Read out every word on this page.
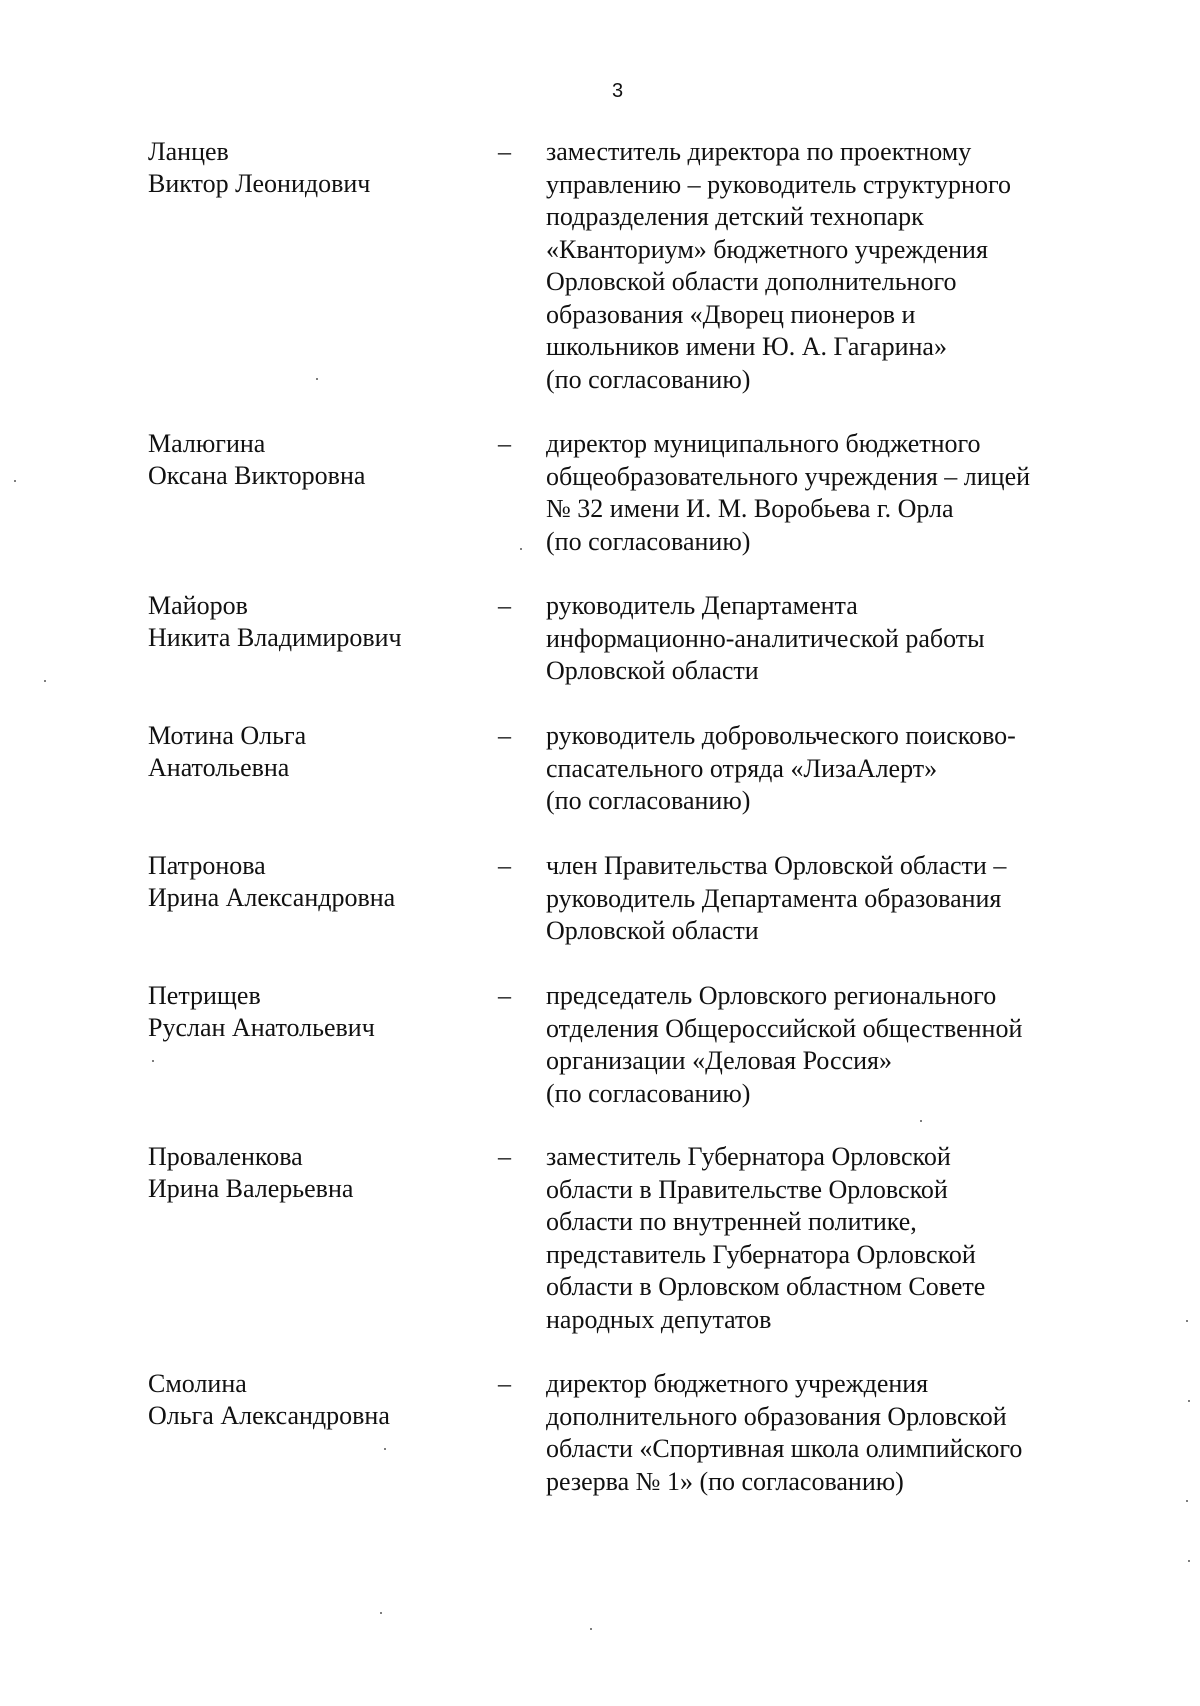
3
Ланцев
Виктор Леонидович
– заместитель директора по проектному
управлению – руководитель структурного
подразделения детский технопарк
«Кванториум» бюджетного учреждения
Орловской области дополнительного
образования «Дворец пионеров и
школьников имени Ю. А. Гагарина»
(по согласованию)
Малюгина
Оксана Викторовна
– директор муниципального бюджетного
общеобразовательного учреждения – лицей
№ 32 имени И. М. Воробьева г. Орла
(по согласованию)
Майоров
Никита Владимирович
– руководитель Департамента
информационно-аналитической работы
Орловской области
Мотина Ольга
Анатольевна
– руководитель добровольческого поисково-
спасательного отряда «ЛизаАлерт»
(по согласованию)
Патронова
Ирина Александровна
– член Правительства Орловской области –
руководитель Департамента образования
Орловской области
Петрищев
Руслан Анатольевич
– председатель Орловского регионального
отделения Общероссийской общественной
организации «Деловая Россия»
(по согласованию)
Проваленкова
Ирина Валерьевна
– заместитель Губернатора Орловской
области в Правительстве Орловской
области по внутренней политике,
представитель Губернатора Орловской
области в Орловском областном Совете
народных депутатов
Смолина
Ольга Александровна
– директор бюджетного учреждения
дополнительного образования Орловской
области «Спортивная школа олимпийского
резерва № 1» (по согласованию)
